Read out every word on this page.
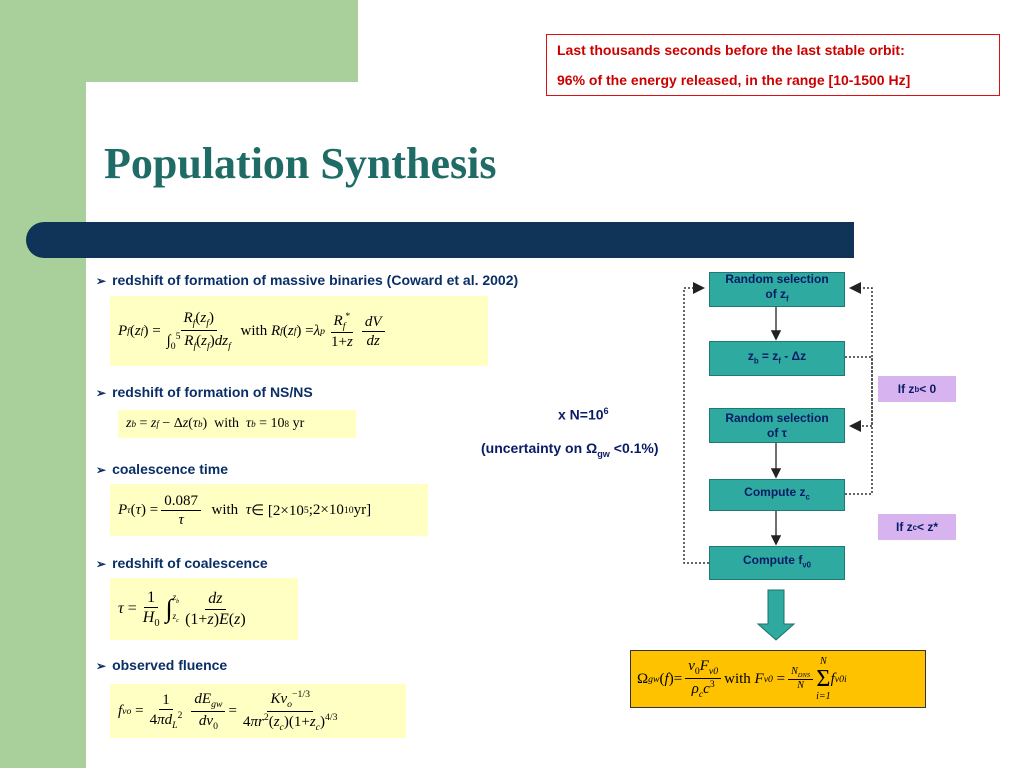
Last thousands seconds before the last stable orbit:
96% of the energy released, in the range [10-1500 Hz]
Population Synthesis
➢ redshift of formation of massive binaries (Coward et al. 2002)
➢ redshift of formation of NS/NS
➢ coalescence time
➢ redshift of coalescence
➢ observed fluence
P f ( z f ) = $\frac{R_f(z_f)}{\int_0^5 R_f(z_f)dz_f}$ with R f ( z f ) = λ p $\frac{R_f^*}{1+z} \frac{dV}{dz}$
z b = z f − Δ z ( τ b )  with τ b = 10 8 yr
P τ ( τ ) = $\frac{0.087}{\tau}$ with τ ∈ [2×10 5 ;2×10 10 yr]
$\tau = \frac{1}{H_0}$ ∫ $z_b$
$z_c \frac{dz}{(1+z)E(z)}$
f $\nu o = \frac{1}{4\pi d_L^2} \frac{dE_{gw}}{d\nu_0} = \frac{K\nu_o^{-1/3}}{4\pi r^2(z_c)(1+z_c)^{4/3}}$
Random selection
of $z_f$
$z_b = z_f - \Delta z$
Random selection
of τ
Compute $z_c$
Compute $f_{\nu 0}$
If z b < 0
If z c < z*
x $N=10^6$
(uncertainty on $\Omega_{gw} <0.1\%$)
Ω gw ( f )= $\frac{\nu_0F_{\nu 0}}{\rho_cc^3}$ with F $\nu 0 = \frac{N_{DNS}}{N}$
N
Σ
i=1
f ν0 i
